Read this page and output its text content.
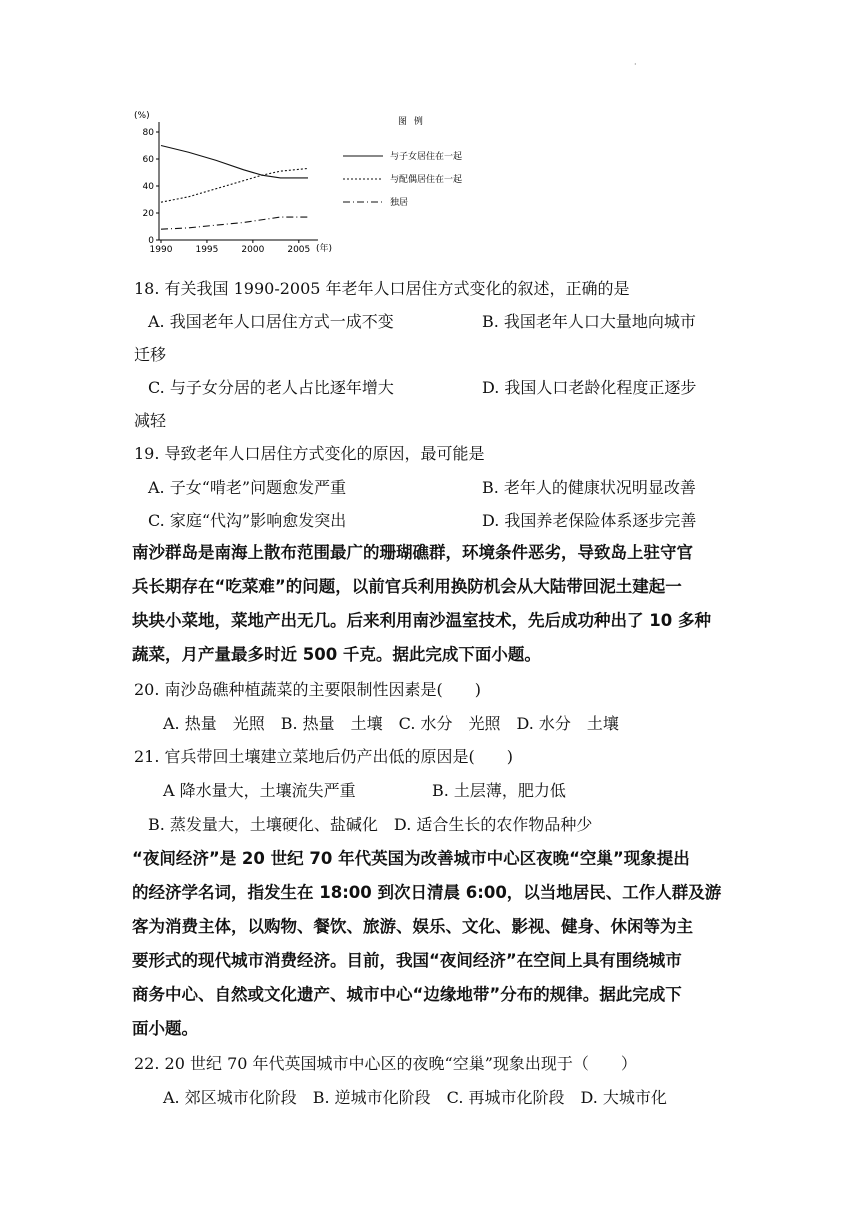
·
(%)
0
20
40
60
80
1990	1995	2000	2005 (年)
图 例
与子女居住在一起
与配偶居住在一起
独居
18. 有关我国 1990-2005 年老年人口居住方式变化的叙述，正确的是
A. 我国老年人口居住方式一成不变	B. 我国老年人口大量地向城市
迁移
C. 与子女分居的老人占比逐年增大	D. 我国人口老龄化程度正逐步
减轻
19. 导致老年人口居住方式变化的原因，最可能是
A. 子女“啃老”问题愈发严重	B. 老年人的健康状况明显改善
C. 家庭“代沟”影响愈发突出	D. 我国养老保险体系逐步完善
南沙群岛是南海上散布范围最广的珊瑚礁群，环境条件恶劣，导致岛上驻守官
兵长期存在“吃菜难”的问题，以前官兵利用换防机会从大陆带回泥土建起一
块块小菜地，菜地产出无几。后来利用南沙温室技术，先后成功种出了 10 多种
蔬菜，月产量最多时近 500 千克。据此完成下面小题。
20. 南沙岛礁种植蔬菜的主要限制性因素是(　　)
A. 热量　光照　B. 热量　土壤　C. 水分　光照　D. 水分　土壤
21. 官兵带回土壤建立菜地后仍产出低的原因是(　　)
A 降水量大，土壤流失严重	B. 土层薄，肥力低
B. 蒸发量大，土壤硬化、盐碱化　D. 适合生长的农作物品种少
“夜间经济”是 20 世纪 70 年代英国为改善城市中心区夜晚“空巢”现象提出
的经济学名词，指发生在 18:00 到次日清晨 6:00，以当地居民、工作人群及游
客为消费主体，以购物、餐饮、旅游、娱乐、文化、影视、健身、休闲等为主
要形式的现代城市消费经济。目前，我国“夜间经济”在空间上具有围绕城市
商务中心、自然或文化遗产、城市中心“边缘地带”分布的规律。据此完成下
面小题。
22. 20 世纪 70 年代英国城市中心区的夜晚“空巢”现象出现于（　　）
A. 郊区城市化阶段　B. 逆城市化阶段　C. 再城市化阶段　D. 大城市化
